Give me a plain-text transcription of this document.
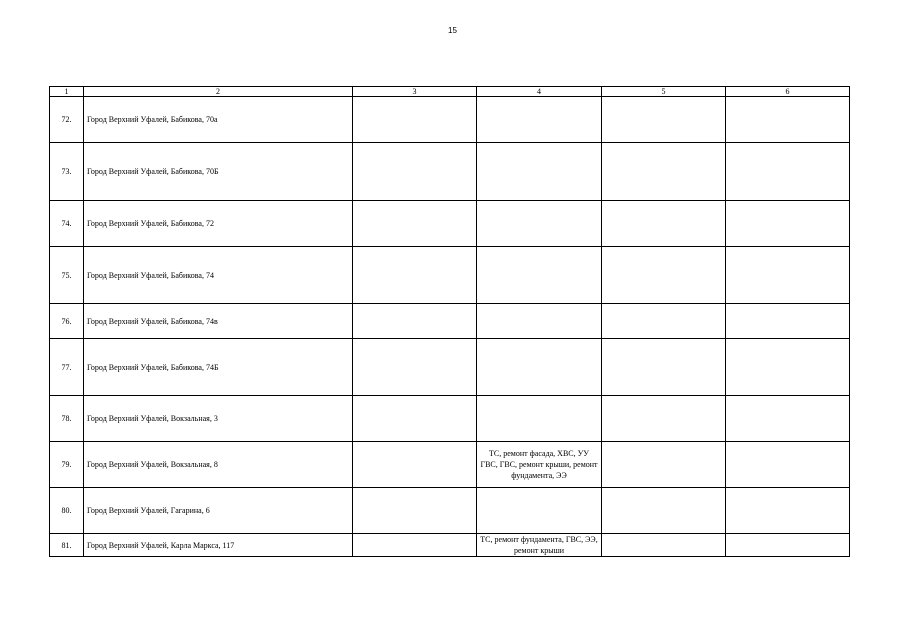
15
1	2	3	4	5	6
72.	Город Верхний Уфалей, Бабикова, 70а				
73.	Город Верхний Уфалей, Бабикова, 70Б				
74.	Город Верхний Уфалей, Бабикова, 72				
75.	Город Верхний Уфалей, Бабикова, 74				
76.	Город Верхний Уфалей, Бабикова, 74в				
77.	Город Верхний Уфалей, Бабикова, 74Б				
78.	Город Верхний Уфалей, Вокзальная, 3				
79.	Город Верхний Уфалей, Вокзальная, 8		ТС, ремонт фасада, ХВС, УУ ГВС, ГВС, ремонт крыши, ремонт фундамента, ЭЭ		
80.	Город Верхний Уфалей, Гагарина, 6				
81.	Город Верхний Уфалей, Карла Маркса, 117		ТС, ремонт фундамента, ГВС, ЭЭ, ремонт крыши		
